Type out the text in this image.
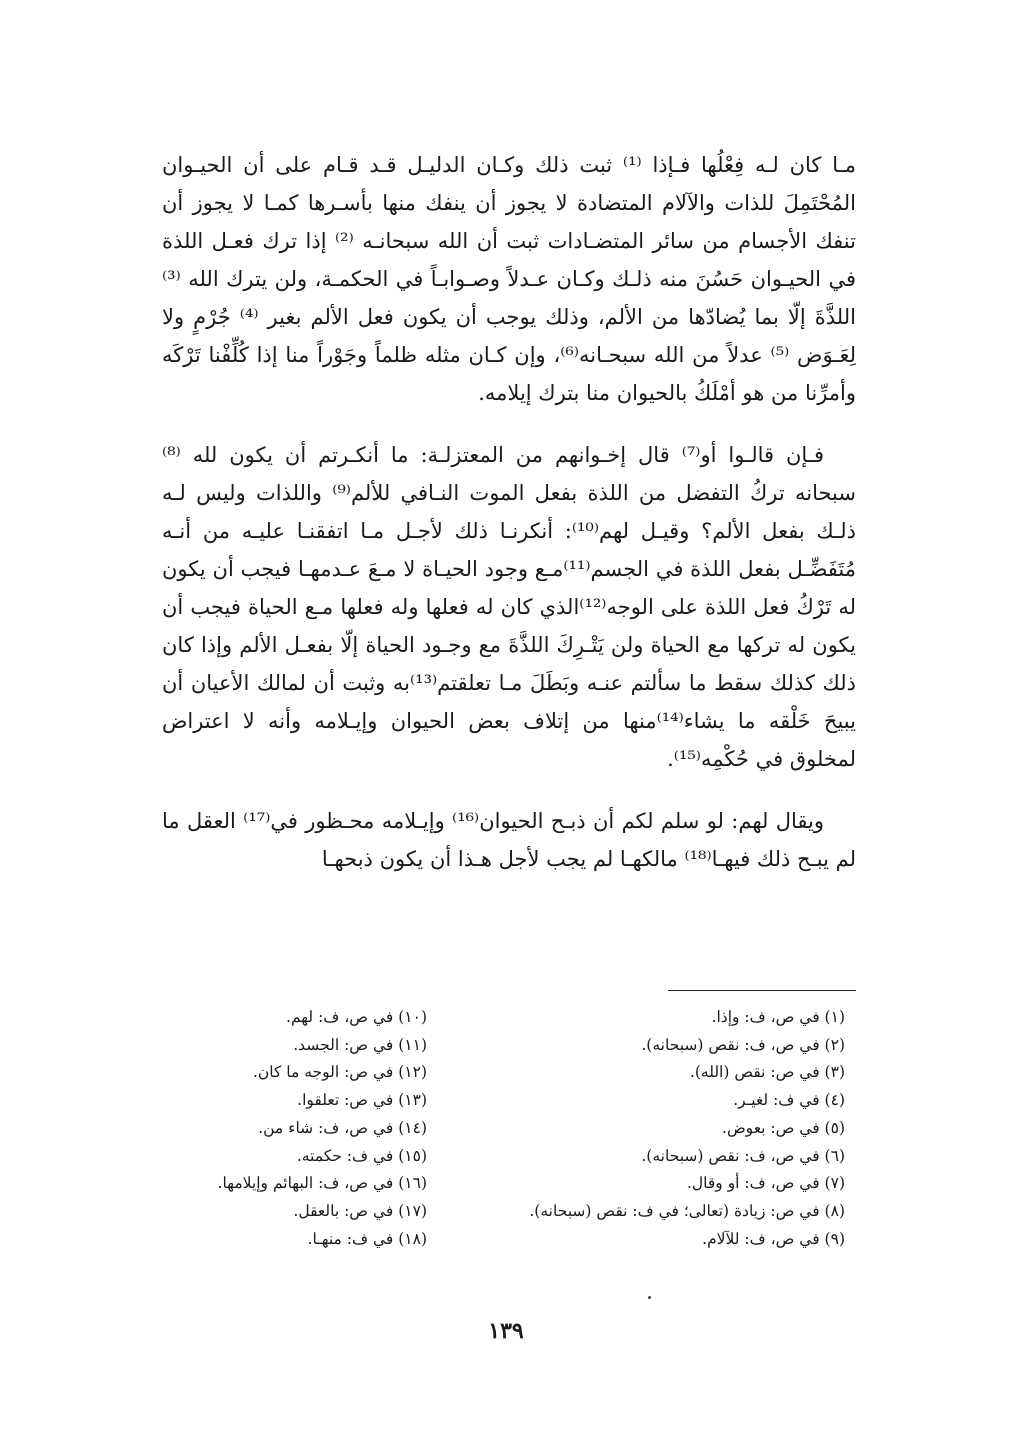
مـا كان لـه فِعْلُها فـإذا ⁽¹⁾ ثبت ذلك وكـان الدليـل قـد قـام على أن الحيـوان المُحْتَمِلَ للذات والآلام المتضادة لا يجوز أن ينفك منها بأسـرها كمـا لا يجوز أن تنفك الأجسام من سائر المتضـادات ثبت أن الله سبحانـه ⁽²⁾ إذا ترك فعـل اللذة في الحيـوان حَسُنَ منه ذلـك وكـان عـدلاً وصـوابـاً في الحكمـة، ولن يترك الله ⁽³⁾ اللذَّةَ إلّا بما يُضادّها من الألم، وذلك يوجب أن يكون فعل الألم بغير ⁽⁴⁾ جُرْمٍ ولا لِعَـوَض ⁽⁵⁾ عدلاً من الله سبحـانه⁽⁶⁾، وإن كـان مثله ظلماً وجَوْراً منا إذا كُلِّفْنا تَرْكَه وأمرِّنا من هو أمْلَكُ بالحيوان منا بترك إيلامه.

فـإن قالـوا أو⁽⁷⁾ قال إخـوانهم من المعتزلـة: ما أنكـرتم أن يكون لله ⁽⁸⁾ سبحانه تركُ التفضل من اللذة بفعل الموت النـافي للألم⁽⁹⁾ واللذات وليس لـه ذلـك بفعل الألم؟ وقيـل لهم⁽¹⁰⁾: أنكرنـا ذلك لأجـل مـا اتفقنـا عليـه من أنـه مُتَفَضِّـل بفعل اللذة في الجسم⁽¹¹⁾مـع وجود الحيـاة لا مـعَ عـدمهـا فيجب أن يكون له تَرْكُ فعل اللذة على الوجه⁽¹²⁾الذي كان له فعلها وله فعلها مـع الحياة فيجب أن يكون له تركها مع الحياة ولن يَتْـرِكَ اللذَّةَ مع وجـود الحياة إلّا بفعـل الألم وإذا كان ذلك كذلك سقط ما سألتم عنـه وبَطَلَ مـا تعلقتم⁽¹³⁾به وثبت أن لمالك الأعيان أن يبيحَ خَلْقه ما يشاء⁽¹⁴⁾منها من إتلاف بعض الحيوان وإيـلامه وأنه لا اعتراض لمخلوق في حُكْمِه⁽¹⁵⁾.

ويقال لهم: لو سلم لكم أن ذبـح الحيوان⁽¹⁶⁾ وإيـلامه محـظور في⁽¹⁷⁾ العقل ما لم يبـح ذلك فيهـا⁽¹⁸⁾ مالكهـا لم يجب لأجل هـذا أن يكون ذبحهـا

(١) في ص، ف: وإذا.
(٢) في ص، ف: نقص (سبحانه).
(٣) في ص: نقص (الله).
(٤) في ف: لغيـر.
(٥) في ص: بعوض.
(٦) في ص، ف: نقص (سبحانه).
(٧) في ص، ف: أو وقال.
(٨) في ص: زيادة (تعالى؛ في ف: نقص (سبحانه).
(٩) في ص، ف: للآلام.
(١٠) في ص، ف: لهم.
(١١) في ص: الجسد.
(١٢) في ص: الوجه ما كان.
(١٣) في ص: تعلقوا.
(١٤) في ص، ف: شاء من.
(١٥) في ف: حكمته.
(١٦) في ص، ف: البهائم وإيلامها.
(١٧) في ص: بالعقل.
(١٨) في ف: منهـا.
١٣٩
